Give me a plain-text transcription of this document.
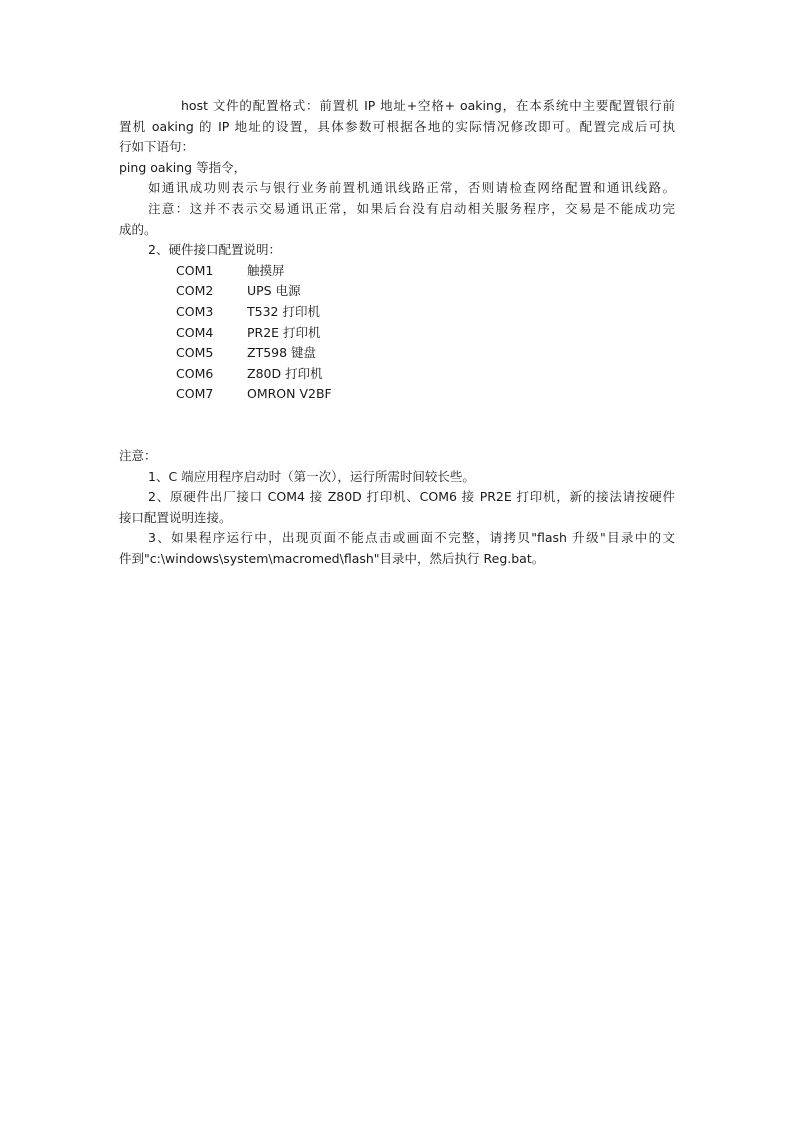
host 文件的配置格式：前置机 IP 地址+空格+ oaking，在本系统中主要配置银行前

置机 oaking 的 IP 地址的设置，具体参数可根据各地的实际情况修改即可。配置完成后可执

行如下语句：

ping oaking 等指令，

如通讯成功则表示与银行业务前置机通讯线路正常，否则请检查网络配置和通讯线路。

注意：这并不表示交易通讯正常，如果后台没有启动相关服务程序，交易是不能成功完

成的。

2、硬件接口配置说明：

COM1	触摸屏
COM2	UPS 电源
COM3	T532 打印机
COM4	PR2E 打印机
COM5	ZT598 键盘
COM6	Z80D 打印机
COM7	OMRON V2BF

注意：

1、C 端应用程序启动时（第一次），运行所需时间较长些。

2、原硬件出厂接口 COM4 接 Z80D 打印机、COM6 接 PR2E 打印机，新的接法请按硬件

接口配置说明连接。

3、如果程序运行中，出现页面不能点击或画面不完整，请拷贝"flash 升级"目录中的文

件到"c:\windows\system\macromed\flash"目录中，然后执行 Reg.bat。
